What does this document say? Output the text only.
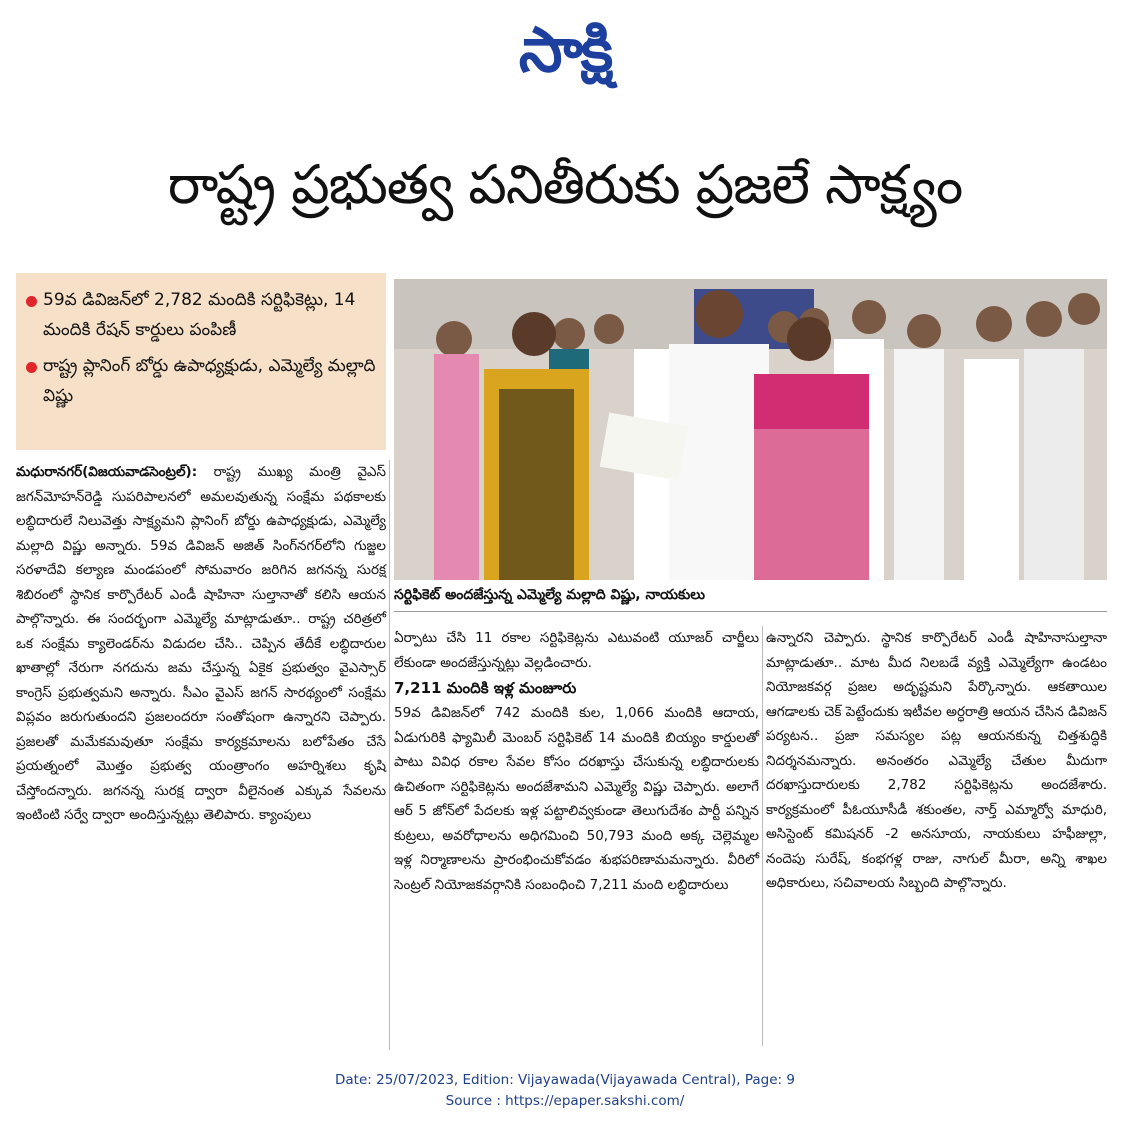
సాక్షి
రాష్ట్ర ప్రభుత్వ పనితీరుకు ప్రజలే సాక్ష్యం
59వ డివిజన్‌లో 2,782 మందికి సర్టిఫికెట్లు, 14 మందికి రేషన్ కార్డులు పంపిణీ
రాష్ట్ర ప్లానింగ్ బోర్డు ఉపాధ్యక్షుడు, ఎమ్మెల్యే మల్లాది విష్ణు
సర్టిఫికెట్ అందజేస్తున్న ఎమ్మెల్యే మల్లాది విష్ణు, నాయకులు

మధురానగర్(విజయవాడసెంట్రల్): రాష్ట్ర ముఖ్య మంత్రి వైఎస్ జగన్‌మోహన్‌రెడ్డి సుపరిపాలనలో అమలవుతున్న సంక్షేమ పథకాలకు లబ్ధిదారులే నిలువెత్తు సాక్ష్యమని ప్లానింగ్ బోర్డు ఉపాధ్యక్షుడు, ఎమ్మెల్యే మల్లాది విష్ణు అన్నారు. 59వ డివిజన్ అజిత్ సింగ్‌నగర్‌లోని గుజ్జల సరళాదేవి కల్యాణ మండపంలో సోమవారం జరిగిన జగనన్న సురక్ష శిబిరంలో స్థానిక కార్పొరేటర్ ఎండీ షాహినా సుల్తానాతో కలిసి ఆయన పాల్గొన్నారు. ఈ సందర్భంగా ఎమ్మెల్యే మాట్లాడుతూ.. రాష్ట్ర చరిత్రలో ఒక సంక్షేమ క్యాలెండర్‌ను విడుదల చేసి.. చెప్పిన తేదీకే లబ్ధిదారుల ఖాతాల్లో నేరుగా నగదును జమ చేస్తున్న ఏకైక ప్రభుత్వం వైఎస్సార్ కాంగ్రెస్ ప్రభుత్వమని అన్నారు. సీఎం వైఎస్ జగన్ సారథ్యంలో సంక్షేమ విప్లవం జరుగుతుందని ప్రజలందరూ సంతోషంగా ఉన్నారని చెప్పారు. ప్రజలతో మమేకమవుతూ సంక్షేమ కార్యక్రమాలను బలోపేతం చేసే ప్రయత్నంలో మొత్తం ప్రభుత్వ యంత్రాంగం అహర్నిశలు కృషి చేస్తోందన్నారు. జగనన్న సురక్ష ద్వారా వీలైనంత ఎక్కువ సేవలను ఇంటింటి సర్వే ద్వారా అందిస్తున్నట్లు తెలిపారు. క్యాంపులు

ఏర్పాటు చేసి 11 రకాల సర్టిఫికెట్లను ఎటువంటి యూజర్ చార్జీలు లేకుండా అందజేస్తున్నట్లు వెల్లడించారు.

7,211 మందికి ఇళ్ల మంజూరు

59వ డివిజన్‌లో 742 మందికి కుల, 1,066 మందికి ఆదాయ, ఏడుగురికి ఫ్యామిలీ మెంబర్ సర్టిఫికెట్ 14 మందికి బియ్యం కార్డులతో పాటు వివిధ రకాల సేవల కోసం దరఖాస్తు చేసుకున్న లబ్ధిదారులకు ఉచితంగా సర్టిఫికెట్లను అందజేశామని ఎమ్మెల్యే విష్ణు చెప్పారు. అలాగే ఆర్ 5 జోన్‌లో పేదలకు ఇళ్ల పట్టాలివ్వకుండా తెలుగుదేశం పార్టీ పన్నిన కుట్రలు, అవరోధాలను అధిగమించి 50,793 మంది అక్క చెల్లెమ్మల ఇళ్ల నిర్మాణాలను ప్రారంభించుకోవడం శుభపరిణామమన్నారు. వీరిలో సెంట్రల్ నియోజకవర్గానికి సంబంధించి 7,211 మంది లబ్ధిదారులు

ఉన్నారని చెప్పారు. స్థానిక కార్పొరేటర్ ఎండీ షాహినాసుల్తానా మాట్లాడుతూ.. మాట మీద నిలబడే వ్యక్తి ఎమ్మెల్యేగా ఉండటం నియోజకవర్గ ప్రజల అదృష్టమని పేర్కొన్నారు. ఆకతాయిల ఆగడాలకు చెక్ పెట్టేందుకు ఇటీవల అర్ధరాత్రి ఆయన చేసిన డివిజన్ పర్యటన.. ప్రజా సమస్యల పట్ల ఆయనకున్న చిత్తశుద్ధికి నిదర్శనమన్నారు. అనంతరం ఎమ్మెల్యే చేతుల మీదుగా దరఖాస్తుదారులకు 2,782 సర్టిఫికెట్లను అందజేశారు. కార్యక్రమంలో పీఓయూసీడీ శకుంతల, నార్త్ ఎమ్మార్వో మాధురి, అసిస్టెంట్ కమిషనర్ -2 అనసూయ, నాయకులు హఫీజుల్లా, నందెపు సురేష్, కంభగళ్ల రాజు, నాగుల్ మీరా, అన్ని శాఖల అధికారులు, సచివాలయ సిబ్బంది పాల్గొన్నారు.

Date: 25/07/2023, Edition: Vijayawada(Vijayawada Central), Page: 9
Source : https://epaper.sakshi.com/
